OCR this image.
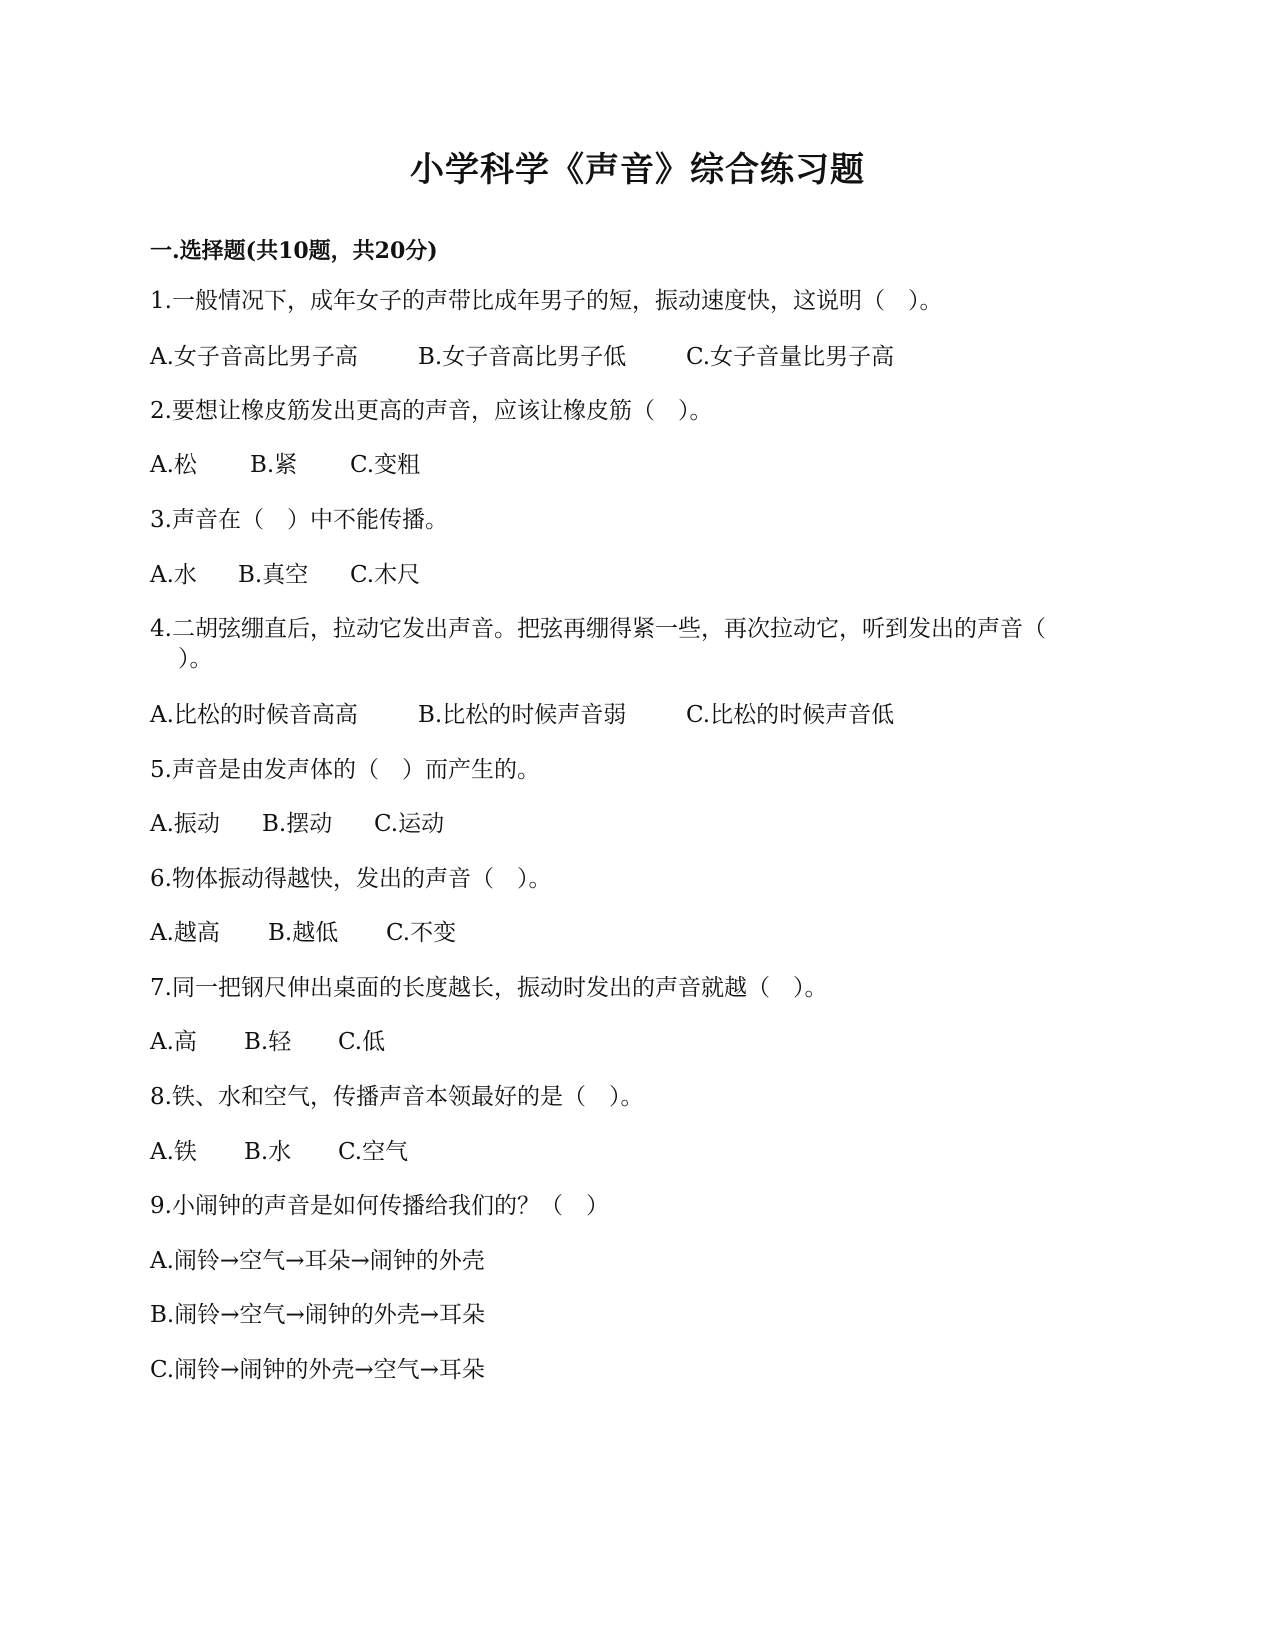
小学科学《声音》综合练习题
一.选择题(共10题，共20分)
1.一般情况下，成年女子的声带比成年男子的短，振动速度快，这说明（　）。
A.女子音高比男子高	B.女子音高比男子低	C.女子音量比男子高
2.要想让橡皮筋发出更高的声音，应该让橡皮筋（　）。
A.松 B.紧 C.变粗
3.声音在（　）中不能传播。
A.水 B.真空 C.木尺
4.二胡弦绷直后，拉动它发出声音。把弦再绷得紧一些，再次拉动它，听到发出的声音（
）。
A.比松的时候音高高	B.比松的时候声音弱	C.比松的时候声音低
5.声音是由发声体的（　）而产生的。
A.振动 B.摆动 C.运动
6.物体振动得越快，发出的声音（　）。
A.越高 B.越低 C.不变
7.同一把钢尺伸出桌面的长度越长，振动时发出的声音就越（　）。
A.高 B.轻 C.低
8.铁、水和空气，传播声音本领最好的是（　）。
A.铁 B.水 C.空气
9.小闹钟的声音是如何传播给我们的？（　）
A.闹铃→空气→耳朵→闹钟的外壳
B.闹铃→空气→闹钟的外壳→耳朵
C.闹铃→闹钟的外壳→空气→耳朵
